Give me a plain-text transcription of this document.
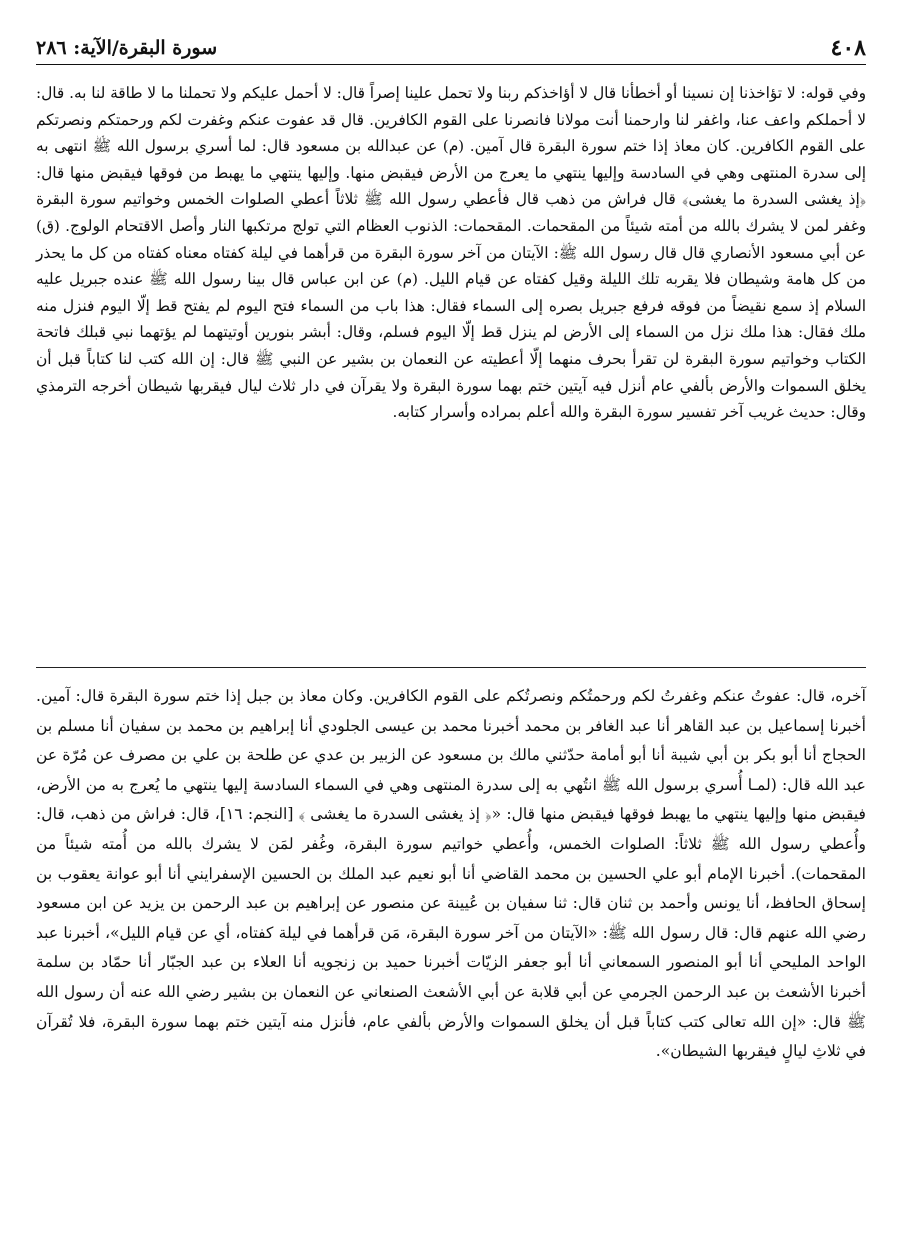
٤٠٨
سورة البقرة/الآية: ٢٨٦

وفي قوله: لا تؤاخذنا إن نسينا أو أخطأنا قال لا أؤاخذكم ربنا ولا تحمل علينا إصراً قال: لا أحمل عليكم ولا تحملنا ما لا طاقة لنا به. قال: لا أحملكم واعف عنا، واغفر لنا وارحمنا أنت مولانا فانصرنا على القوم الكافرين. قال قد عفوت عنكم وغفرت لكم ورحمتكم ونصرتكم على القوم الكافرين. كان معاذ إذا ختم سورة البقرة قال آمين. (م) عن عبدالله بن مسعود قال: لما أسري برسول الله ﷺ انتهى به إلى سدرة المنتهى وهي في السادسة وإليها ينتهي ما يعرج من الأرض فيقبض منها. وإليها ينتهي ما يهبط من فوقها فيقبض منها قال: ﴿إذ يغشى السدرة ما يغشى﴾ قال فراش من ذهب قال فأعطي رسول الله ﷺ ثلاثاً أعطي الصلوات الخمس وخواتيم سورة البقرة وغفر لمن لا يشرك بالله من أمته شيئاً من المقحمات. المقحمات: الذنوب العظام التي تولج مرتكبها النار وأصل الاقتحام الولوج. (ق) عن أبي مسعود الأنصاري قال قال رسول الله ﷺ: الآيتان من آخر سورة البقرة من قرأهما في ليلة كفتاه معناه كفتاه من كل ما يحذر من كل هامة وشيطان فلا يقربه تلك الليلة وقيل كفتاه عن قيام الليل. (م) عن ابن عباس قال بينا رسول الله ﷺ عنده جبريل عليه السلام إذ سمع نقيضاً من فوقه فرفع جبريل بصره إلى السماء فقال: هذا باب من السماء فتح اليوم لم يفتح قط إلّا اليوم فنزل منه ملك فقال: هذا ملك نزل من السماء إلى الأرض لم ينزل قط إلّا اليوم فسلم، وقال: أبشر بنورين أوتيتهما لم يؤتهما نبي قبلك فاتحة الكتاب وخواتيم سورة البقرة لن تقرأ بحرف منهما إلّا أعطيته عن النعمان بن بشير عن النبي ﷺ قال: إن الله كتب لنا كتاباً قبل أن يخلق السموات والأرض بألفي عام أنزل فيه آيتين ختم بهما سورة البقرة ولا يقرآن في دار ثلاث ليال فيقربها شيطان أخرجه الترمذي وقال: حديث غريب آخر تفسير سورة البقرة والله أعلم بمراده وأسرار كتابه.

آخره، قال: عفوتُ عنكم وغفرتُ لكم ورحمتُكم ونصرتُكم على القوم الكافرين. وكان معاذ بن جبل إذا ختم سورة البقرة قال: آمين. أخبرنا إسماعيل بن عبد القاهر أنا عبد الغافر بن محمد أخبرنا محمد بن عيسى الجلودي أنا إبراهيم بن محمد بن سفيان أنا مسلم بن الحجاج أنا أبو بكر بن أبي شيبة أنا أبو أمامة حدّثني مالك بن مسعود عن الزبير بن عدي عن طلحة بن علي بن مصرف عن مُرّة عن عبد الله قال: (لمـا أُسري برسول الله ﷺ انتُهي به إلى سدرة المنتهى وهي في السماء السادسة إليها ينتهي ما يُعرج به من الأرض، فيقبض منها وإليها ينتهي ما يهبط فوقها فيقبض منها قال: «﴿ إذ يغشى السدرة ما يغشى ﴾ [النجم: ١٦]، قال: فراش من ذهب، قال: وأُعطي رسول الله ﷺ ثلاثاً: الصلوات الخمس، وأُعطي خواتيم سورة البقرة، وغُفر لمَن لا يشرك بالله من أُمته شيئاً من المقحمات). أخبرنا الإمام أبو علي الحسين بن محمد القاضي أنا أبو نعيم عبد الملك بن الحسين الإسفرايني أنا أبو عوانة يعقوب بن إسحاق الحافظ، أنا يونس وأحمد بن ثنان قال: ثنا سفيان بن عُيينة عن منصور عن إبراهيم بن عبد الرحمن بن يزيد عن ابن مسعود رضي الله عنهم قال: قال رسول الله ﷺ: «الآيتان من آخر سورة البقرة، مَن قرأهما في ليلة كفتاه، أي عن قيام الليل»، أخبرنا عبد الواحد المليحي أنا أبو المنصور السمعاني أنا أبو جعفر الزيّات أخبرنا حميد بن زنجويه أنا العلاء بن عبد الجبّار أنا حمّاد بن سلمة أخبرنا الأشعث بن عبد الرحمن الجرمي عن أبي قلابة عن أبي الأشعث الصنعاني عن النعمان بن بشير رضي الله عنه أن رسول الله ﷺ قال: «إن الله تعالى كتب كتاباً قبل أن يخلق السموات والأرض بألفي عام، فأنزل منه آيتين ختم بهما سورة البقرة، فلا تُقرآن في ثلاثِ ليالٍ فيقربها الشيطان».
